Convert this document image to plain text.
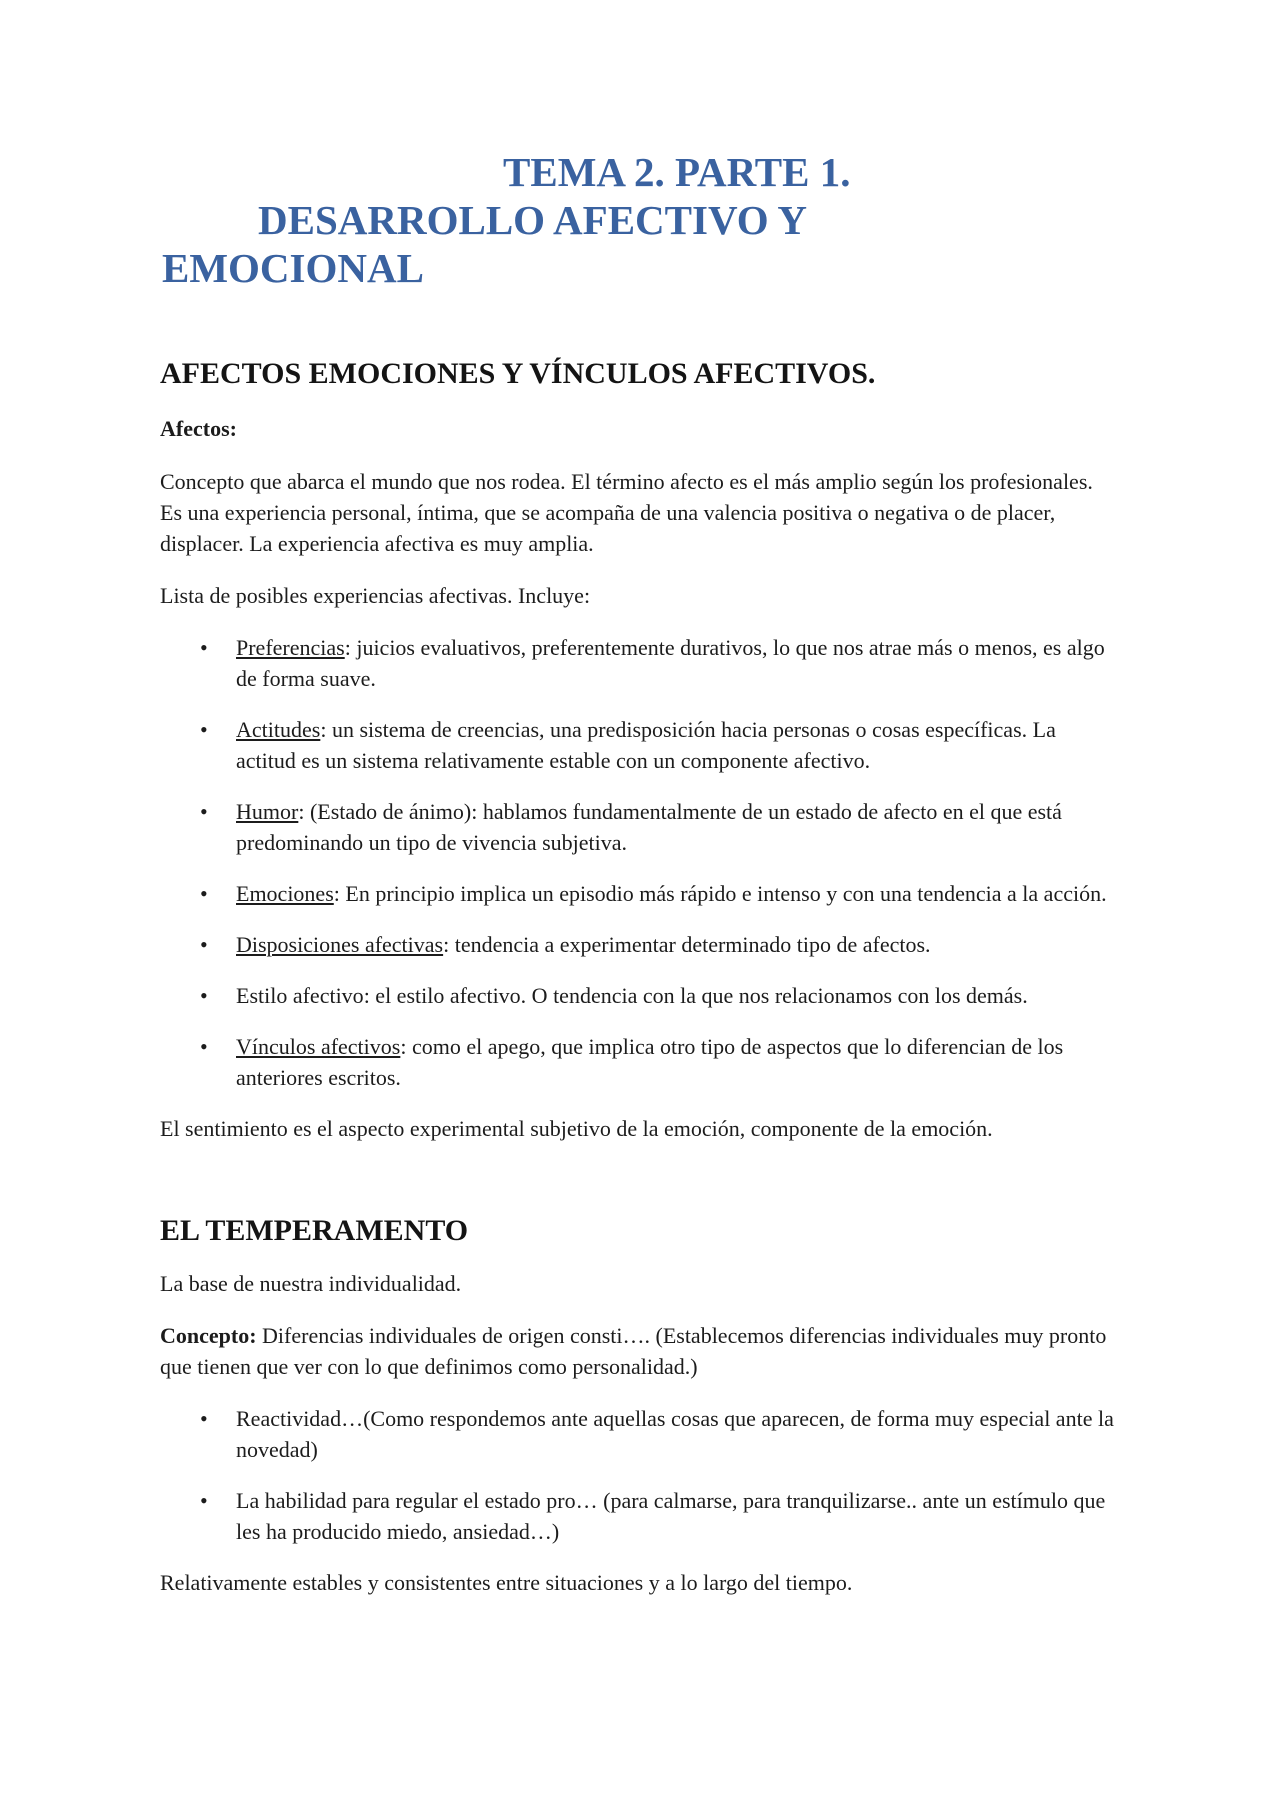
TEMA 2. PARTE 1.
DESARROLLO AFECTIVO Y
EMOCIONAL
AFECTOS EMOCIONES Y VÍNCULOS AFECTIVOS.

Afectos:

Concepto que abarca el mundo que nos rodea. El término afecto es el más amplio según los profesionales. Es una experiencia personal, íntima, que se acompaña de una valencia positiva o negativa o de placer, displacer. La experiencia afectiva es muy amplia.

Lista de posibles experiencias afectivas. Incluye:

• Preferencias: juicios evaluativos, preferentemente durativos, lo que nos atrae más o menos, es algo de forma suave.
• Actitudes: un sistema de creencias, una predisposición hacia personas o cosas específicas. La actitud es un sistema relativamente estable con un componente afectivo.
• Humor: (Estado de ánimo): hablamos fundamentalmente de un estado de afecto en el que está predominando un tipo de vivencia subjetiva.
• Emociones: En principio implica un episodio más rápido e intenso y con una tendencia a la acción.
• Disposiciones afectivas: tendencia a experimentar determinado tipo de afectos.
• Estilo afectivo: el estilo afectivo. O tendencia con la que nos relacionamos con los demás.
• Vínculos afectivos: como el apego, que implica otro tipo de aspectos que lo diferencian de los anteriores escritos.

El sentimiento es el aspecto experimental subjetivo de la emoción, componente de la emoción.

EL TEMPERAMENTO

La base de nuestra individualidad.

Concepto: Diferencias individuales de origen consti…. (Establecemos diferencias individuales muy pronto que tienen que ver con lo que definimos como personalidad.)

• Reactividad…(Como respondemos ante aquellas cosas que aparecen, de forma muy especial ante la novedad)
• La habilidad para regular el estado pro… (para calmarse, para tranquilizarse.. ante un estímulo que les ha producido miedo, ansiedad…)

Relativamente estables y consistentes entre situaciones y a lo largo del tiempo.
